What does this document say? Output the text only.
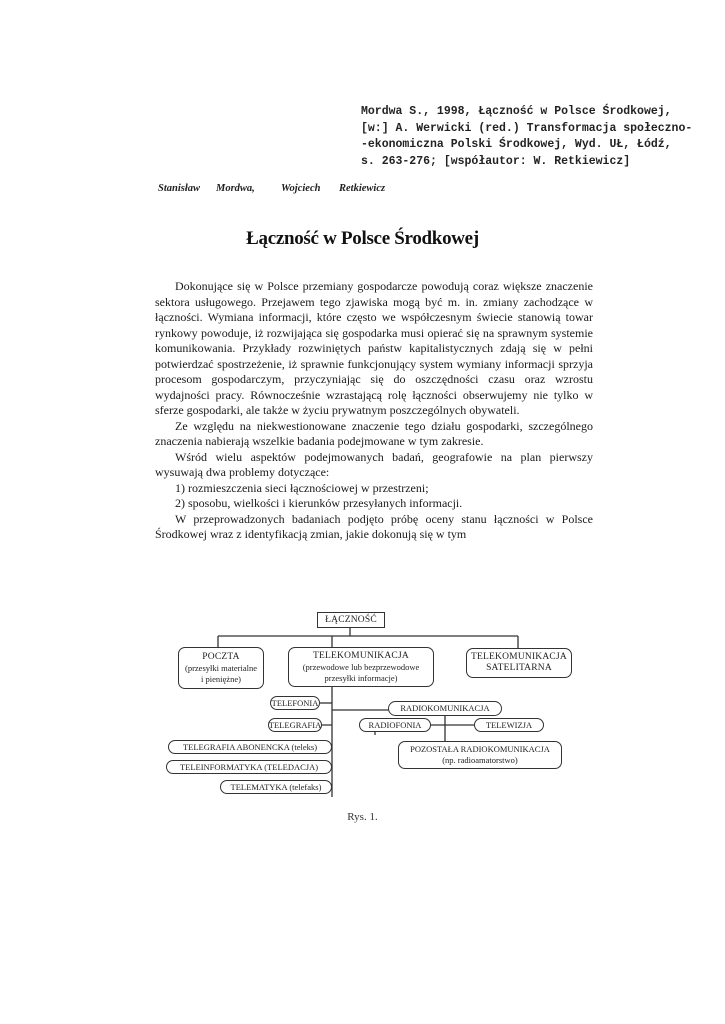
Mordwa S., 1998, Łączność w Polsce Środkowej,
[w:] A. Werwicki (red.) Transformacja społeczno-
-ekonomiczna Polski Środkowej, Wyd. UŁ, Łódź,
s. 263-276; [współautor: W. Retkiewicz]
Stanisław Mordwa, Wojciech Retkiewicz
Łączność w Polsce Środkowej

Dokonujące się w Polsce przemiany gospodarcze powodują coraz większe znaczenie sektora usługowego. Przejawem tego zjawiska mogą być m. in. zmiany zachodzące w łączności. Wymiana informacji, które często we współczesnym świecie stanowią towar rynkowy powoduje, iż rozwijająca się gospodarka musi opierać się na sprawnym systemie komunikowania. Przykłady rozwiniętych państw kapitalistycznych zdają się w pełni potwierdzać spostrzeżenie, iż sprawnie funkcjonujący system wymiany informacji sprzyja procesom gospodarczym, przyczyniając się do oszczędności czasu oraz wzrostu wydajności pracy. Równocześnie wzrastającą rolę łączności obserwujemy nie tylko w sferze gospodarki, ale także w życiu prywatnym poszczególnych obywateli.

Ze względu na niekwestionowane znaczenie tego działu gospodarki, szczególnego znaczenia nabierają wszelkie badania podejmowane w tym zakresie.

Wśród wielu aspektów podejmowanych badań, geografowie na plan pierwszy wysuwają dwa problemy dotyczące:

1) rozmieszczenia sieci łącznościowej w przestrzeni;

2) sposobu, wielkości i kierunków przesyłanych informacji.

W przeprowadzonych badaniach podjęto próbę oceny stanu łączności w Polsce Środkowej wraz z identyfikacją zmian, jakie dokonują się w tym

ŁĄCZNOŚĆ
POCZTA
(przesyłki materialne
i pieniężne)
TELEKOMUNIKACJA
(przewodowe lub bezprzewodowe
przesyłki informacje)
TELEKOMUNIKACJA
SATELITARNA
TELEFONIA
TELEGRAFIA
TELEGRAFIA ABONENCKA (teleks)
TELEINFORMATYKA (TELEDACJA)
TELEMATYKA (telefaks)
RADIOKOMUNIKACJA
RADIOFONIA	TELEWIZJA
POZOSTAŁA RADIOKOMUNIKACJA
(np. radioamatorstwo)
Rys. 1.
